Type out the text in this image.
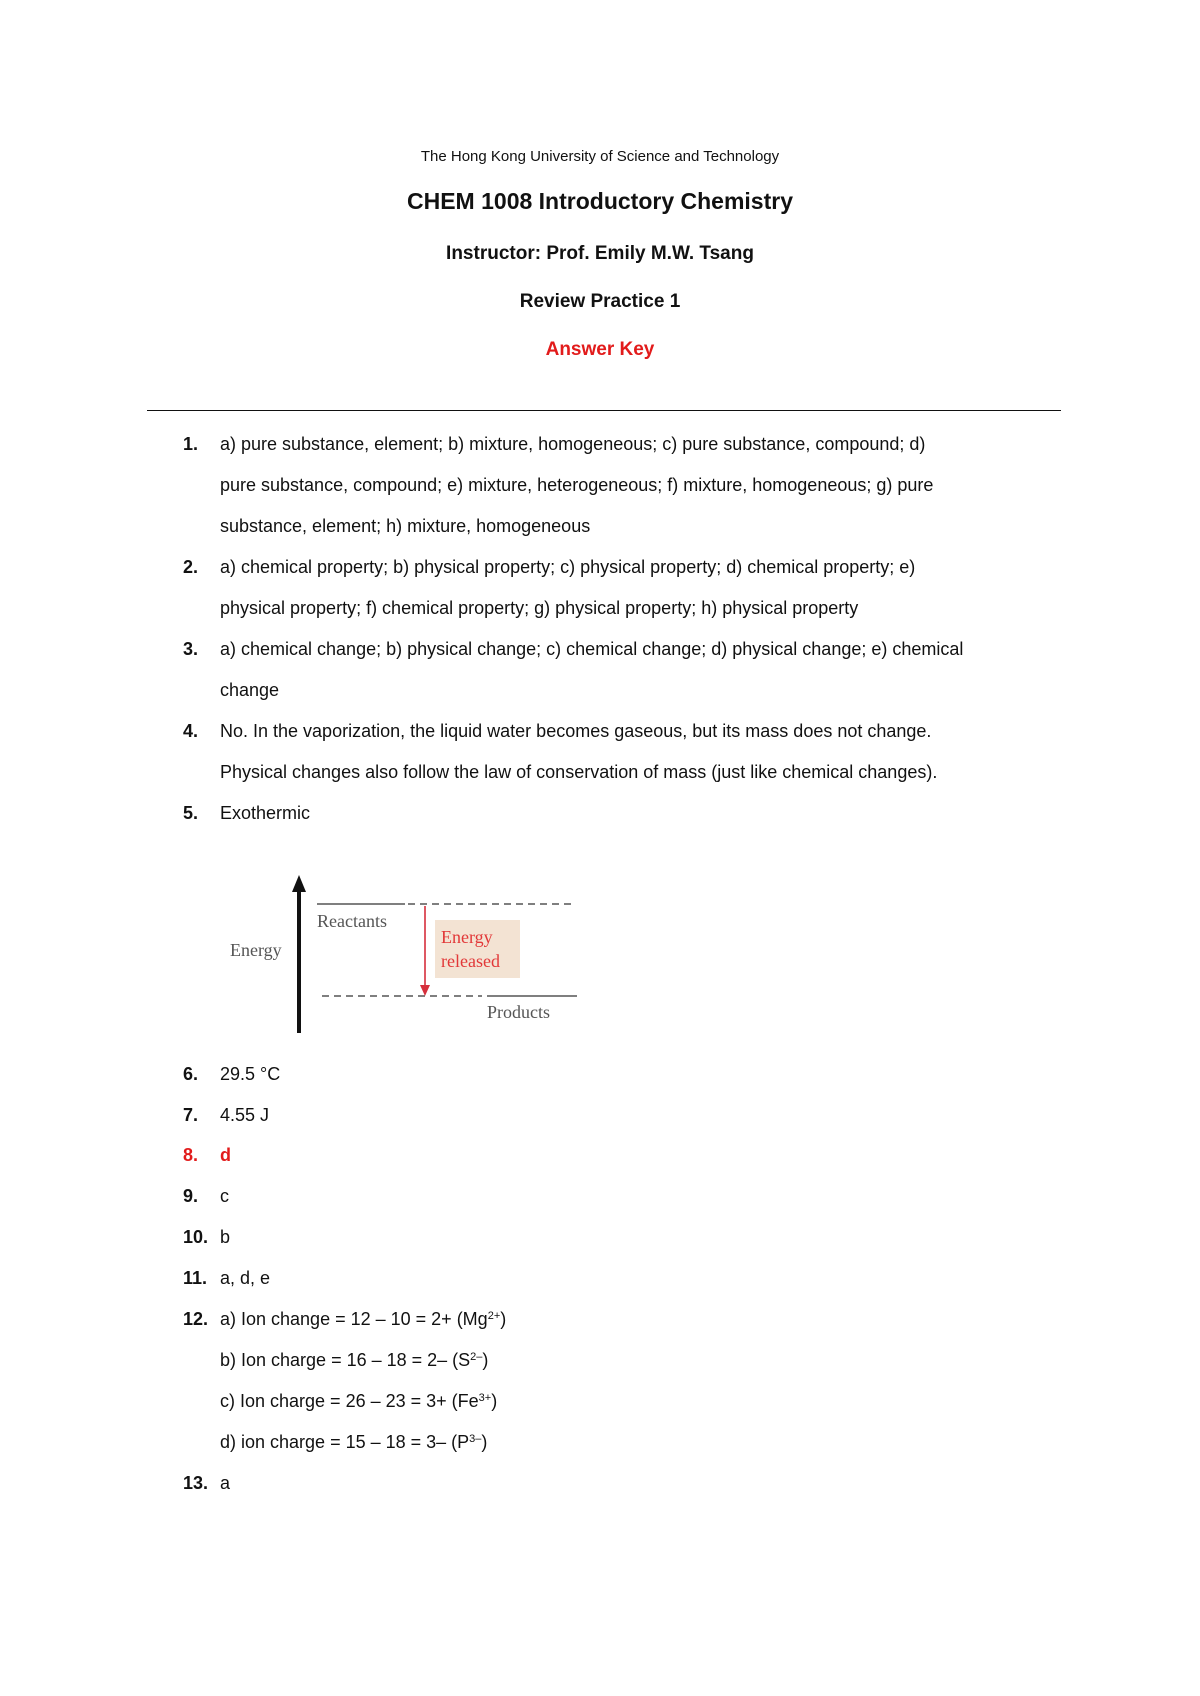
The Hong Kong University of Science and Technology
CHEM 1008 Introductory Chemistry
Instructor: Prof. Emily M.W. Tsang
Review Practice 1
Answer Key
1. a) pure substance, element; b) mixture, homogeneous; c) pure substance, compound; d)
pure substance, compound; e) mixture, heterogeneous; f) mixture, homogeneous; g) pure
substance, element; h) mixture, homogeneous
2. a) chemical property; b) physical property; c) physical property; d) chemical property; e)
physical property; f) chemical property; g) physical property; h) physical property
3. a) chemical change; b) physical change; c) chemical change; d) physical change; e) chemical
change
4. No. In the vaporization, the liquid water becomes gaseous, but its mass does not change.
Physical changes also follow the law of conservation of mass (just like chemical changes).
5. Exothermic
6. 29.5 °C
7. 4.55 J
8. d
9. c
10. b
11. a, d, e
12. a) Ion change = $12 - 10 = 2+ (Mg^{2+})$
b) Ion charge = 16 – 18 = 2– $(S^{2-})$
c) Ion charge = $26 - 23 = 3+ (Fe^{3+})$
d) ion charge = 15 – 18 = 3– $(P^{3-})$
13. a
Energy
Reactants
Products
Energy
released
